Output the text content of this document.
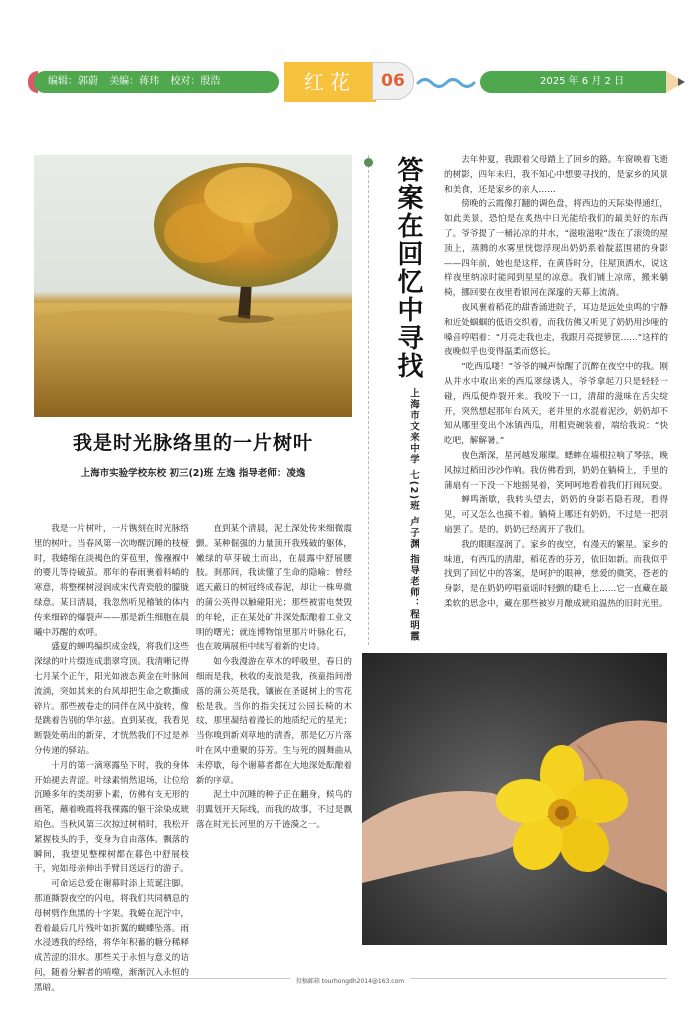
编辑：郭蔚 美编：蒋玮 校对：殷浩	红花	06	2025 年 6 月 2 日
我是时光脉络里的一片树叶
上海市实验学校东校 初三(2)班 左逸 指导老师：凌逸

我是一片树叶，一片镌刻在时光脉络里的树叶。当春风第一次吻醒沉睡的枝桠时，我蜷缩在淡褐色的芽苞里，像襁褓中的婴儿等待破茧。那年的春雨裹着料峭的寒意，将整棵树浸润成宋代青瓷般的朦胧绿意。某日清晨，我忽然听见稽皱的体内传来细碎的爆裂声——那是新生细胞在晨曦中苏醒的欢呼。

盛夏的蝉鸣编织成金线，将我们这些深绿的叶片缀连成翡翠穹顶。我清晰记得七月某个正午，阳光如液态黄金在叶脉间流淌，突如其来的台风却把生命之歌撕成碎片。那些被卷走的同伴在风中旋转，像是跳着告别的华尔兹。直到某夜，我看见断裂处萌出的新芽，才恍然我们不过是养分传递的驿站。

十月的第一滴寒露坠下时，我的身体开始褪去青涩。叶绿素悄然退场，让位给沉睡多年的类胡萝卜素，仿佛有支无形的画笔，蘸着晚霞将我裸露的躯干涂染成琥珀色。当秋风第三次掠过树梢时，我松开紧握枝头的手，变身为自由落体。飘落的瞬间，我望见整棵树都在暮色中舒展枝干，宛如母亲伸出手臂目送远行的游子。

可命运总爱在谢幕时添上荒诞注脚。那道撕裂夜空的闪电，将我们共同栖息的母树劈作焦黑的十字架。我蜷在泥泞中，看着最后几片残叶如折翼的蝴蝶坠落。雨水浸透我的经络，将华年积蓄的糖分稀释成苦涩的泪水。那些关于永恒与意义的诘问，随着分解者的啃噬，渐渐沉入永恒的黑暗。

直到某个清晨，泥土深处传来细微震颤。某种倔强的力量顶开我残破的躯体，嫩绿的草芽破土而出，在晨露中舒展腰肢。刹那间，我读懂了生命的隐喻：曾经遮天蔽日的树冠终成春泥，却让一株卑微的蒲公英得以触碰阳光；那些被雷电焚毁的年轮，正在某处矿井深处酝酿着工业文明的曙光；就连博物馆里那片叶脉化石，也在玻璃展柜中续写着新的史诗。

如今我漫游在草木的呼吸里，春日的细雨是我，秋收的麦浪是我，孩童指间滑落的蒲公英是我，镶嵌在圣诞树上的雪花松是我。当你的指尖抚过公园长椅的木纹，那里凝结着漫长的地质纪元的星光；当你嗅到新刈草地的清香，那是亿万片落叶在风中重聚的芬芳。生与死的圆舞曲从未停歇，每个谢幕者都在大地深处酝酿着新的序章。

泥土中沉睡的种子正在翻身，候鸟的羽翼划开天际线，而我的故事，不过是飘落在时光长河里的万千涟漪之一。

答案在回忆中寻找
上海市文来中学 七(2)班 卢子渊 指导老师：程明霞

去年仲夏，我跟着父母踏上了回乡的路。车窗映着飞逝的树影，四年未归，我不知心中想要寻找的，是家乡的风景和美食，还是家乡的亲人……

傍晚的云霞像打翻的调色盘，将西边的天际染得通红，如此美景，恐怕是在炙热中日光能给我们的最美好的东西了。爷爷提了一桶沁凉的井水，“滋啦滋啦”泼在了滚烫的屋顶上，蒸腾的水雾里恍惚浮现出奶奶系着靛蓝围裙的身影——四年前，她也是这样，在黄昏时分，往屋顶洒水，说这样夜里纳凉时能闻到星星的凉意。我们铺上凉席，搬来躺椅，挪回要在夜里看银河在深邃的天幕上流淌。

夜风裹着稻花的甜香涌进院子，耳边是远处虫鸣的宁静和近处蝈蝈的低语交织着，而我仿佛又听见了奶奶用沙哑的嗓音哼唱着：“月亮走我也走，我跟月亮提箩筐……”这样的夜晚似乎也变得温柔而悠长。

“吃西瓜喽！”爷爷的喊声惊醒了沉醉在夜空中的我。刚从井水中取出来的西瓜翠绿诱人，爷爷拿起刀只是轻轻一碰，西瓜便炸裂开来。我咬下一口，清甜的滋味在舌尖绽开，突然想起那年台风天，老井里的水混着泥沙，奶奶却不知从哪里变出个冰镇西瓜，用粗瓷碗装着，端给我说：“快吃吧，解解暑。”

夜色渐深，星河越发璀璨。蟋蟀在墙根拉响了琴弦，晚风掠过稻田沙沙作响。我仿佛看到，奶奶在躺椅上，手里的蒲扇有一下没一下地摇晃着，笑呵呵地看着我们打闹玩耍。

蝉鸣渐歇，我转头望去，奶奶的身影若隐若现，看得见，可又怎么也摸不着。躺椅上哪还有奶奶，不过是一把羽扇罢了。是的，奶奶已经离开了我们。

我的眼眶湿润了。家乡的夜空，有漫天的繁星。家乡的味道，有西瓜的清甜，稻花香的芬芳，依旧如新。而我似乎找到了回忆中的答案，是呵护的眼神，慈爱的微笑，苍老的身影，是在奶奶哼唱童谣时轻颤的睫毛上……它一直藏在最柔软的思念中，藏在那些被岁月酿成琥珀温热的旧时光里。

投稿邮箱 tourhongdh2014@163.com
